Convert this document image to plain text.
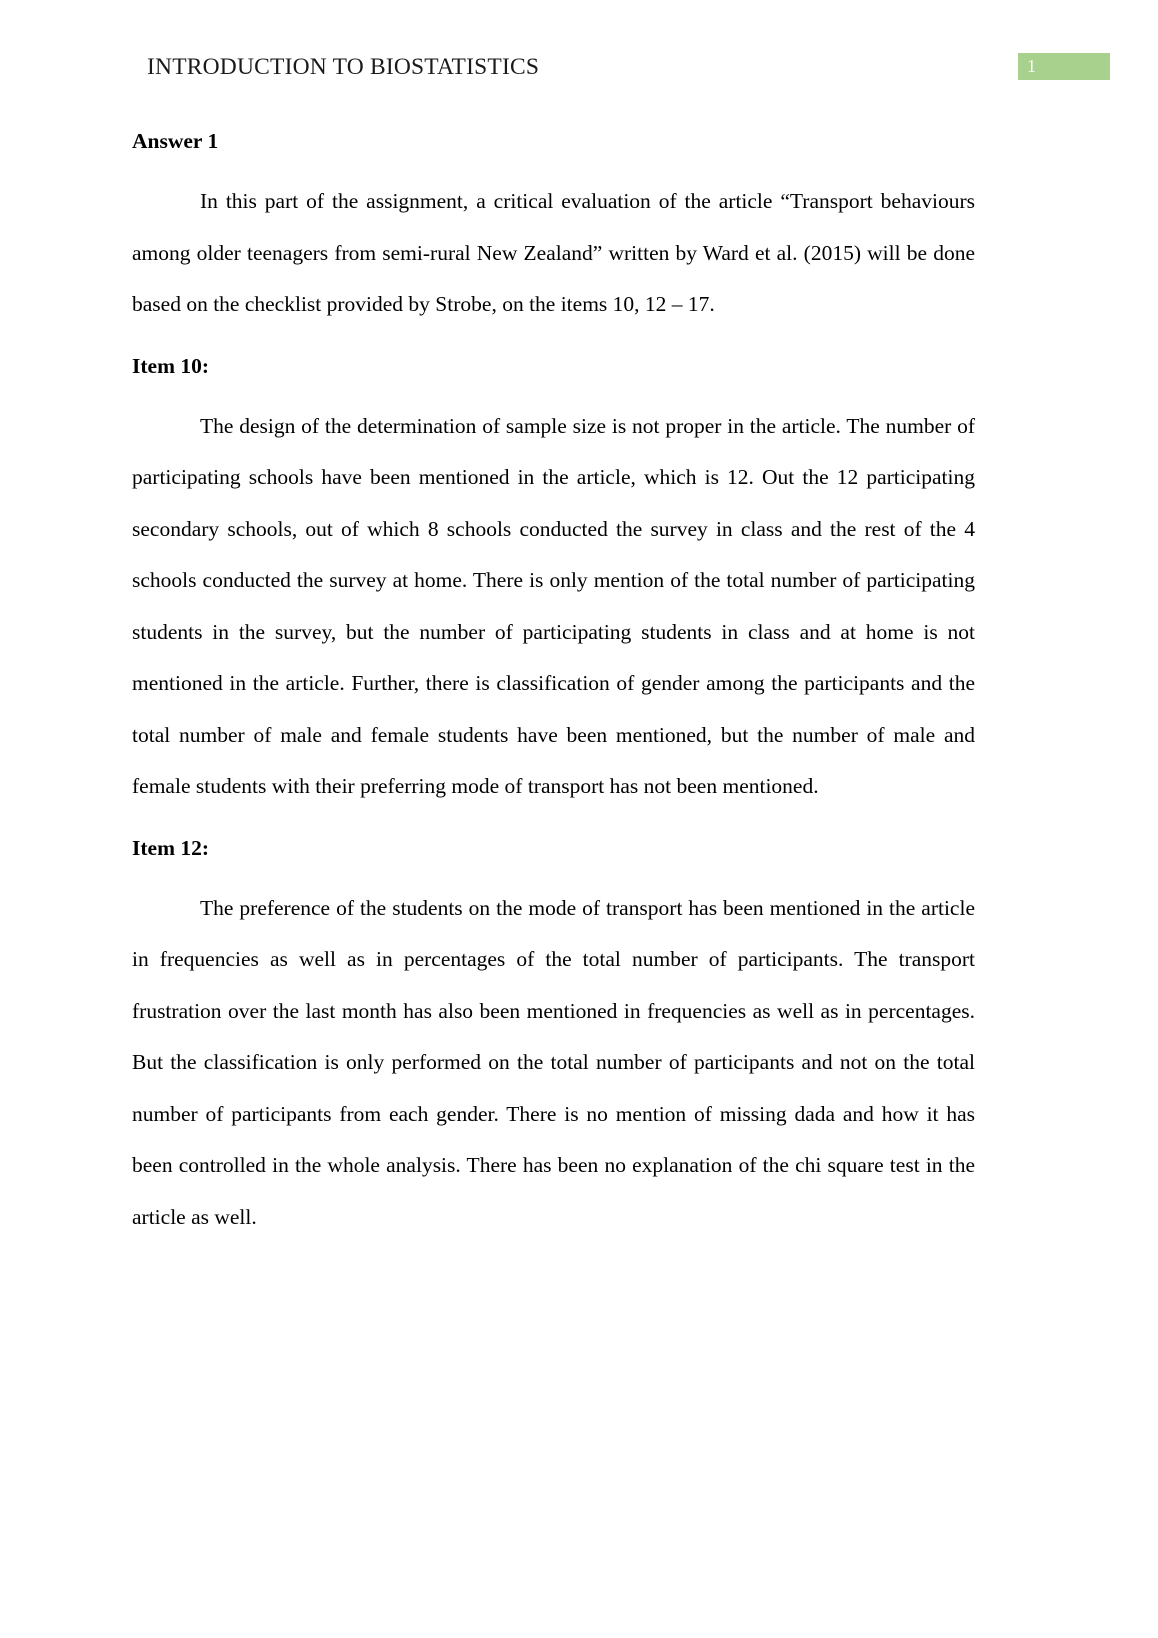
INTRODUCTION TO BIOSTATISTICS	1
Answer 1

In this part of the assignment, a critical evaluation of the article “Transport behaviours among older teenagers from semi-rural New Zealand” written by Ward et al. (2015) will be done based on the checklist provided by Strobe, on the items 10, 12 – 17.

Item 10:

The design of the determination of sample size is not proper in the article. The number of participating schools have been mentioned in the article, which is 12. Out the 12 participating secondary schools, out of which 8 schools conducted the survey in class and the rest of the 4 schools conducted the survey at home. There is only mention of the total number of participating students in the survey, but the number of participating students in class and at home is not mentioned in the article. Further, there is classification of gender among the participants and the total number of male and female students have been mentioned, but the number of male and female students with their preferring mode of transport has not been mentioned.

Item 12:

The preference of the students on the mode of transport has been mentioned in the article in frequencies as well as in percentages of the total number of participants. The transport frustration over the last month has also been mentioned in frequencies as well as in percentages. But the classification is only performed on the total number of participants and not on the total number of participants from each gender. There is no mention of missing dada and how it has been controlled in the whole analysis. There has been no explanation of the chi square test in the article as well.
